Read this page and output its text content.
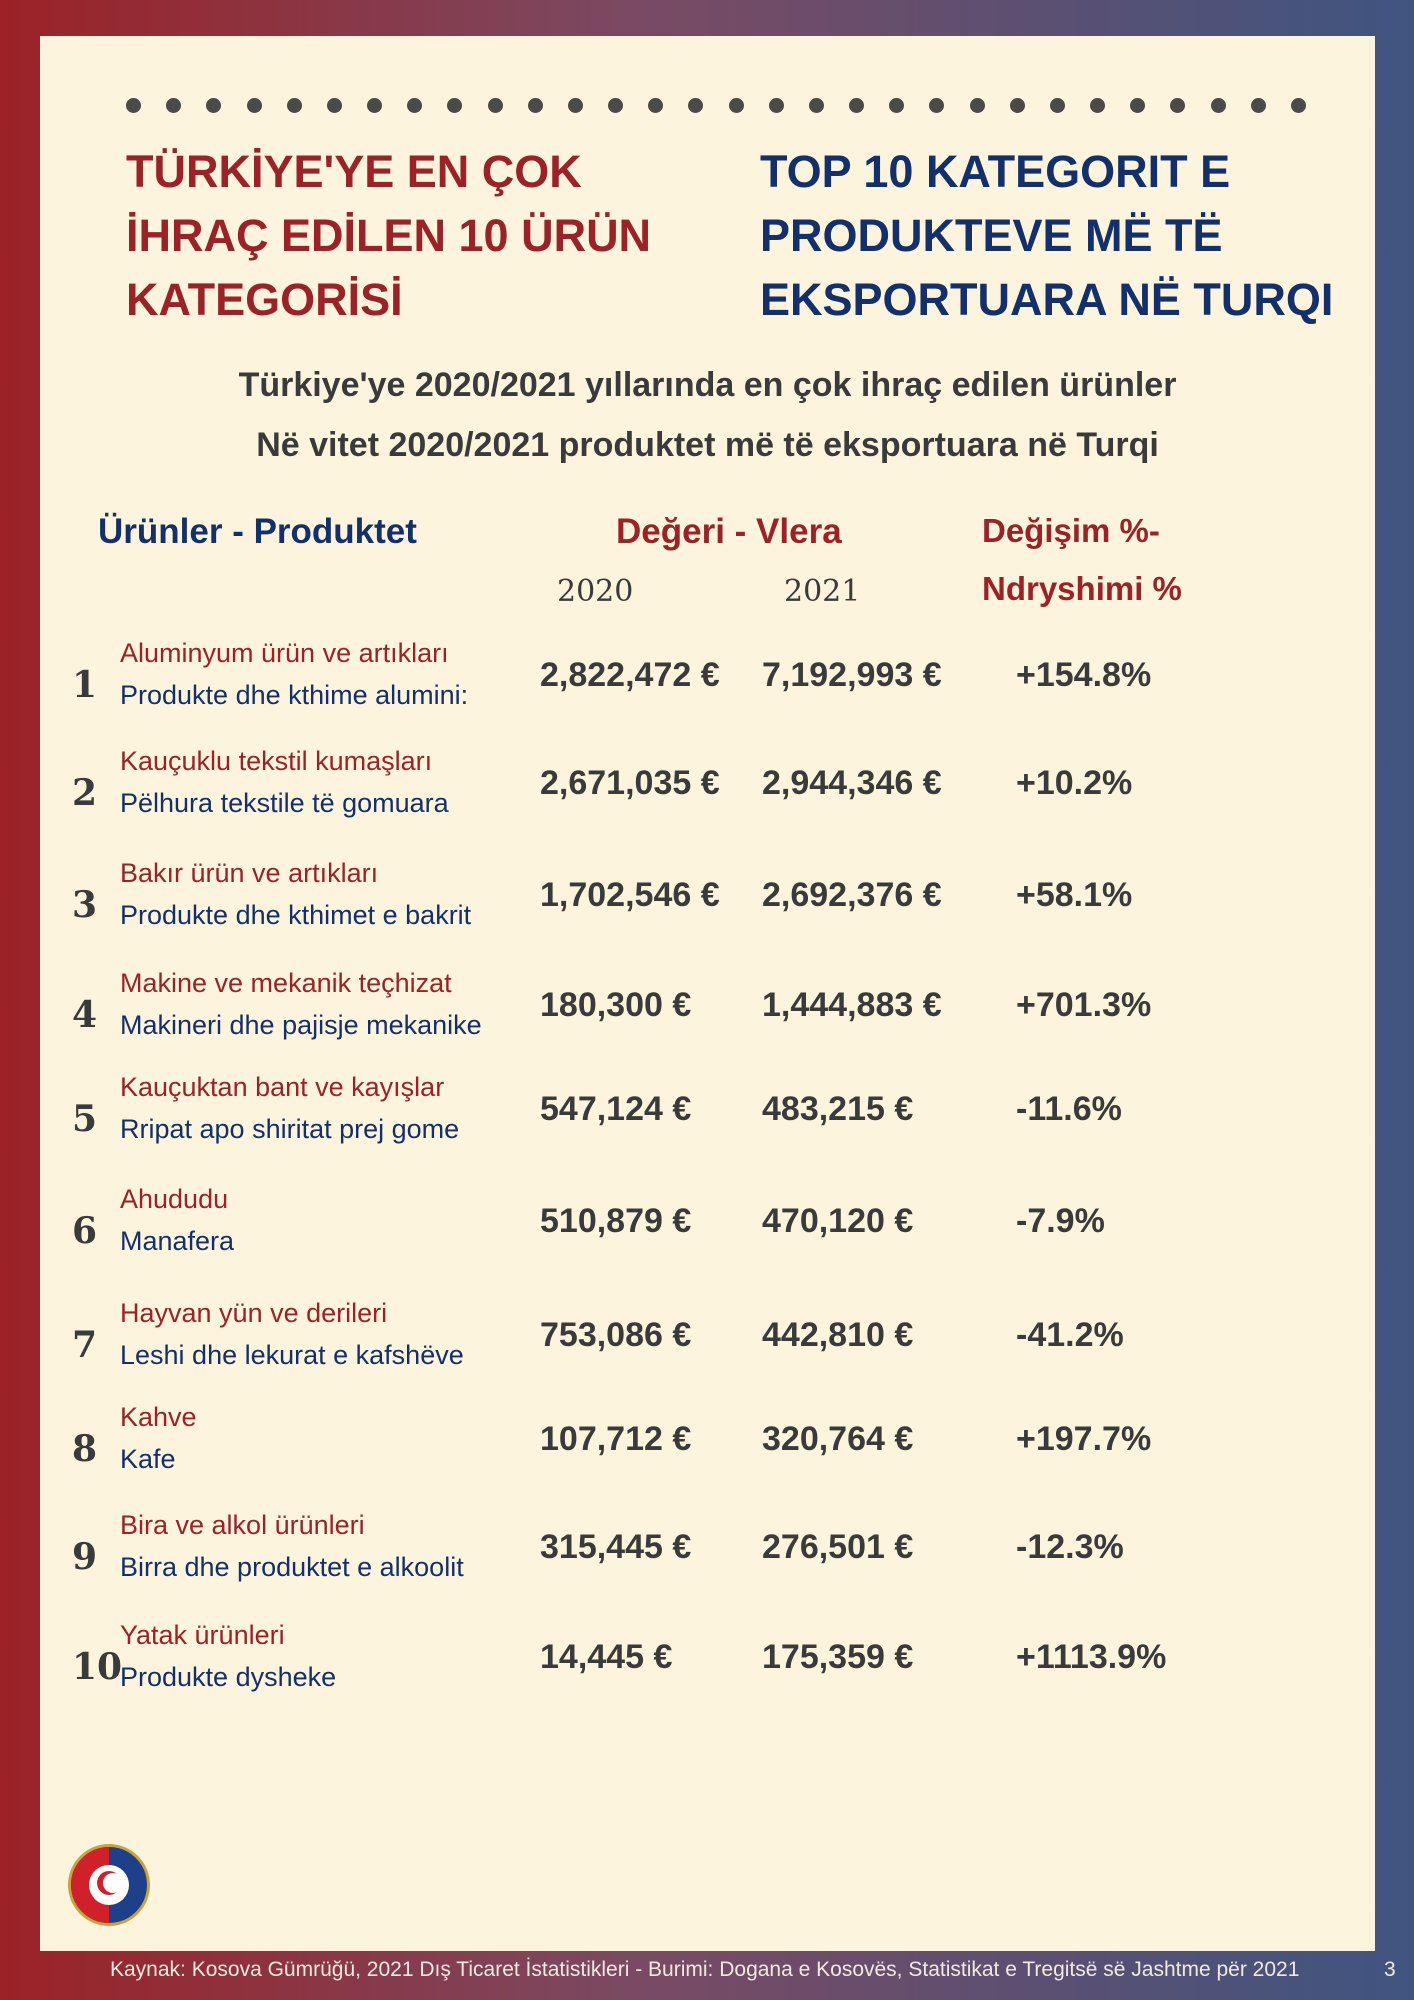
TÜRKİYE'YE EN ÇOK İHRAÇ EDİLEN 10 ÜRÜN KATEGORİSİ
TOP 10 KATEGORIT E PRODUKTEVE MË TË EKSPORTUARA NË TURQI
Türkiye'ye 2020/2021 yıllarında en çok ihraç edilen ürünler
Në vitet 2020/2021 produktet më të eksportuara në Turqi
Ürünler - Produktet	Değeri - Vlera	Değişim %-
Ndryshimi %
2020	2021
1
Aluminyum ürün ve artıkları
Produkte dhe kthime alumini:
2,822,472 € 7,192,993 € +154.8%
2
Kauçuklu tekstil kumaşları
Pëlhura tekstile të gomuara
2,671,035 € 2,944,346 € +10.2%
3
Bakır ürün ve artıkları
Produkte dhe kthimet e bakrit
1,702,546 € 2,692,376 € +58.1%
4
Makine ve mekanik teçhizat
Makineri dhe pajisje mekanike
180,300 € 1,444,883 € +701.3%
5
Kauçuktan bant ve kayışlar
Rripat apo shiritat prej gome
547,124 € 483,215 €	-11.6%
6
Ahududu
Manafera
510,879 € 470,120 €	-7.9%
7
Hayvan yün ve derileri
Leshi dhe lekurat e kafshëve
753,086 € 442,810 €	-41.2%
8
Kahve
Kafe
107,712 € 320,764 €	+197.7%
9
Bira ve alkol ürünleri
Birra dhe produktet e alkoolit
315,445 € 276,501 €	-12.3%
10
Yatak ürünleri
Produkte dysheke
14,445 €	175,359 €	+1113.9%
Kaynak: Kosova Gümrüğü, 2021 Dış Ticaret İstatistikleri - Burimi: Dogana e Kosovës, Statistikat e Tregitsë së Jashtme për 2021	3
